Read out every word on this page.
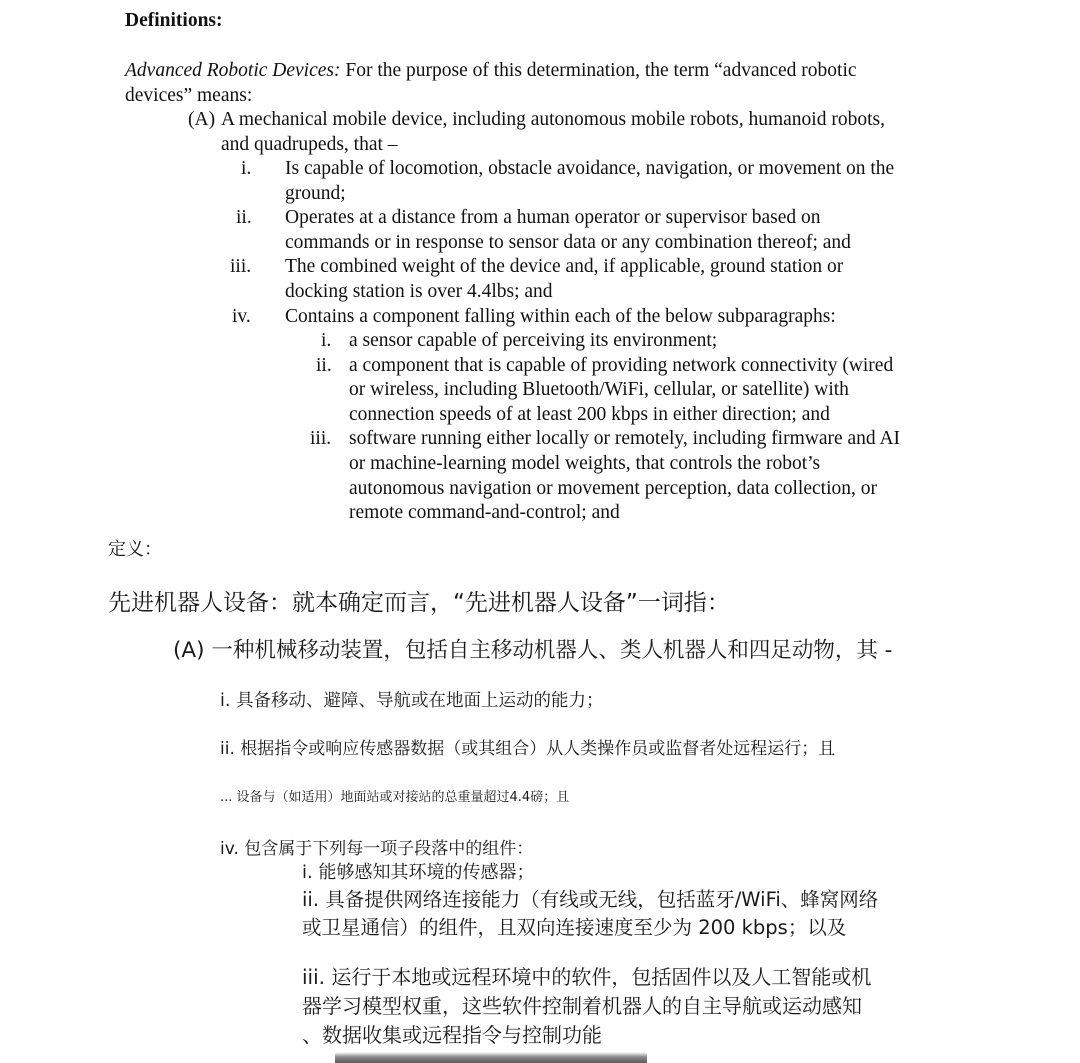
Definitions:
Advanced Robotic Devices: For the purpose of this determination, the term “advanced robotic
devices” means:
(A) A mechanical mobile device, including autonomous mobile robots, humanoid robots,
and quadrupeds, that –
i. Is capable of locomotion, obstacle avoidance, navigation, or movement on the
ground;
ii. Operates at a distance from a human operator or supervisor based on
commands or in response to sensor data or any combination thereof; and
iii. The combined weight of the device and, if applicable, ground station or
docking station is over 4.4lbs; and
iv. Contains a component falling within each of the below subparagraphs:
i. a sensor capable of perceiving its environment;
ii. a component that is capable of providing network connectivity (wired
or wireless, including Bluetooth/WiFi, cellular, or satellite) with
connection speeds of at least 200 kbps in either direction; and
iii. software running either locally or remotely, including firmware and AI
or machine-learning model weights, that controls the robot’s
autonomous navigation or movement perception, data collection, or
remote command-and-control; and
定义：
先进机器人设备：就本确定而言，“先进机器人设备”一词指：
(A) 一种机械移动装置，包括自主移动机器人、类人机器人和四足动物，其 -
i. 具备移动、避障、导航或在地面上运动的能力；
ii. 根据指令或响应传感器数据（或其组合）从人类操作员或监督者处远程运行；且
... 设备与（如适用）地面站或对接站的总重量超过4.4磅；且
iv. 包含属于下列每一项子段落中的组件：
i. 能够感知其环境的传感器；
ii. 具备提供网络连接能力（有线或无线，包括蓝牙/WiFi、蜂窝网络
或卫星通信）的组件，且双向连接速度至少为 200 kbps；以及
iii. 运行于本地或远程环境中的软件，包括固件以及人工智能或机
器学习模型权重，这些软件控制着机器人的自主导航或运动感知
、数据收集或远程指令与控制功能
